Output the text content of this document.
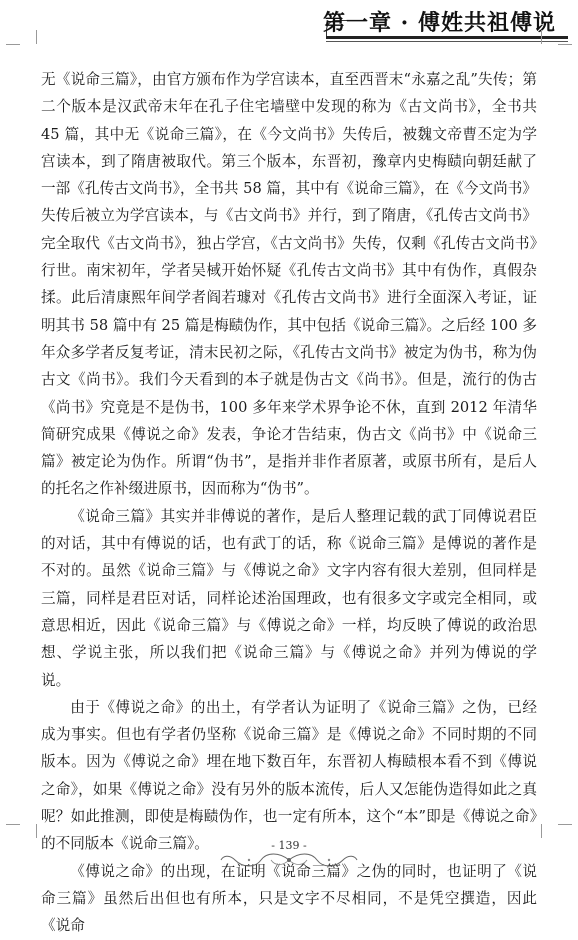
第一章 · 傅姓共祖傅说

无《说命三篇》，由官方颁布作为学宫读本，直至西晋末“永嘉之乱”失传；第二个版本是汉武帝末年在孔子住宅墙壁中发现的称为《古文尚书》，全书共 45 篇，其中无《说命三篇》，在《今文尚书》失传后，被魏文帝曹丕定为学宫读本，到了隋唐被取代。第三个版本，东晋初，豫章内史梅赜向朝廷献了一部《孔传古文尚书》，全书共 58 篇，其中有《说命三篇》，在《今文尚书》失传后被立为学宫读本，与《古文尚书》并行，到了隋唐，《孔传古文尚书》完全取代《古文尚书》，独占学宫，《古文尚书》失传，仅剩《孔传古文尚书》行世。南宋初年，学者吴棫开始怀疑《孔传古文尚书》其中有伪作，真假杂揉。此后清康熙年间学者阎若璩对《孔传古文尚书》进行全面深入考证，证明其书 58 篇中有 25 篇是梅赜伪作，其中包括《说命三篇》。之后经 100 多年众多学者反复考证，清末民初之际，《孔传古文尚书》被定为伪书，称为伪古文《尚书》。我们今天看到的本子就是伪古文《尚书》。但是，流行的伪古《尚书》究竟是不是伪书，100 多年来学术界争论不休，直到 2012 年清华简研究成果《傅说之命》发表，争论才告结束，伪古文《尚书》中《说命三篇》被定论为伪作。所谓“伪书”，是指并非作者原著，或原书所有，是后人的托名之作补缀进原书，因而称为“伪书”。

《说命三篇》其实并非傅说的著作，是后人整理记载的武丁同傅说君臣的对话，其中有傅说的话，也有武丁的话，称《说命三篇》是傅说的著作是不对的。虽然《说命三篇》与《傅说之命》文字内容有很大差别，但同样是三篇，同样是君臣对话，同样论述治国理政，也有很多文字或完全相同，或意思相近，因此《说命三篇》与《傅说之命》一样，均反映了傅说的政治思想、学说主张，所以我们把《说命三篇》与《傅说之命》并列为傅说的学说。

由于《傅说之命》的出土，有学者认为证明了《说命三篇》之伪，已经成为事实。但也有学者仍坚称《说命三篇》是《傅说之命》不同时期的不同版本。因为《傅说之命》埋在地下数百年，东晋初人梅赜根本看不到《傅说之命》，如果《傅说之命》没有另外的版本流传，后人又怎能伪造得如此之真呢？如此推测，即使是梅赜伪作，也一定有所本，这个“本”即是《傅说之命》的不同版本《说命三篇》。

《傅说之命》的出现，在证明《说命三篇》之伪的同时，也证明了《说命三篇》虽然后出但也有所本，只是文字不尽相同，不是凭空撰造，因此《说命

- 139 -
